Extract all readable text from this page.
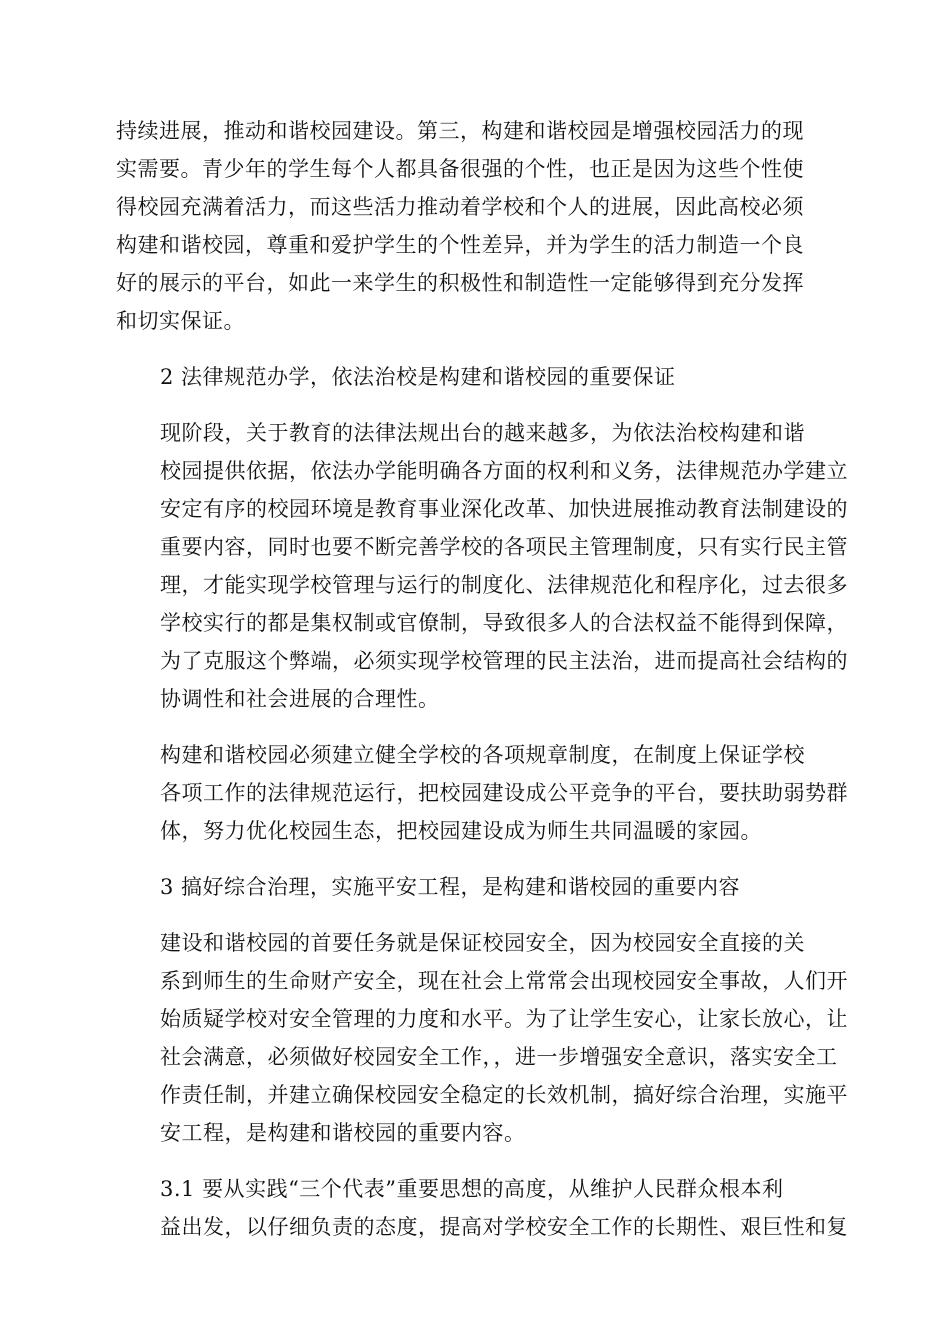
持续进展，推动和谐校园建设。第三，构建和谐校园是增强校园活力的现
实需要。青少年的学生每个人都具备很强的个性，也正是因为这些个性使
得校园充满着活力，而这些活力推动着学校和个人的进展，因此高校必须
构建和谐校园，尊重和爱护学生的个性差异，并为学生的活力制造一个良
好的展示的平台，如此一来学生的积极性和制造性一定能够得到充分发挥
和切实保证。

2 法律规范办学，依法治校是构建和谐校园的重要保证

现阶段，关于教育的法律法规出台的越来越多，为依法治校构建和谐
校园提供依据，依法办学能明确各方面的权利和义务，法律规范办学建立
安定有序的校园环境是教育事业深化改革、加快进展推动教育法制建设的
重要内容，同时也要不断完善学校的各项民主管理制度，只有实行民主管
理，才能实现学校管理与运行的制度化、法律规范化和程序化，过去很多
学校实行的都是集权制或官僚制，导致很多人的合法权益不能得到保障，
为了克服这个弊端，必须实现学校管理的民主法治，进而提高社会结构的
协调性和社会进展的合理性。

构建和谐校园必须建立健全学校的各项规章制度，在制度上保证学校
各项工作的法律规范运行，把校园建设成公平竞争的平台，要扶助弱势群
体，努力优化校园生态，把校园建设成为师生共同温暖的家园。

3 搞好综合治理，实施平安工程，是构建和谐校园的重要内容

建设和谐校园的首要任务就是保证校园安全，因为校园安全直接的关
系到师生的生命财产安全，现在社会上常常会出现校园安全事故，人们开
始质疑学校对安全管理的力度和水平。为了让学生安心，让家长放心，让
社会满意，必须做好校园安全工作，，进一步增强安全意识，落实安全工
作责任制，并建立确保校园安全稳定的长效机制，搞好综合治理，实施平
安工程，是构建和谐校园的重要内容。

3.1 要从实践“三个代表”重要思想的高度，从维护人民群众根本利
益出发，以仔细负责的态度，提高对学校安全工作的长期性、艰巨性和复
